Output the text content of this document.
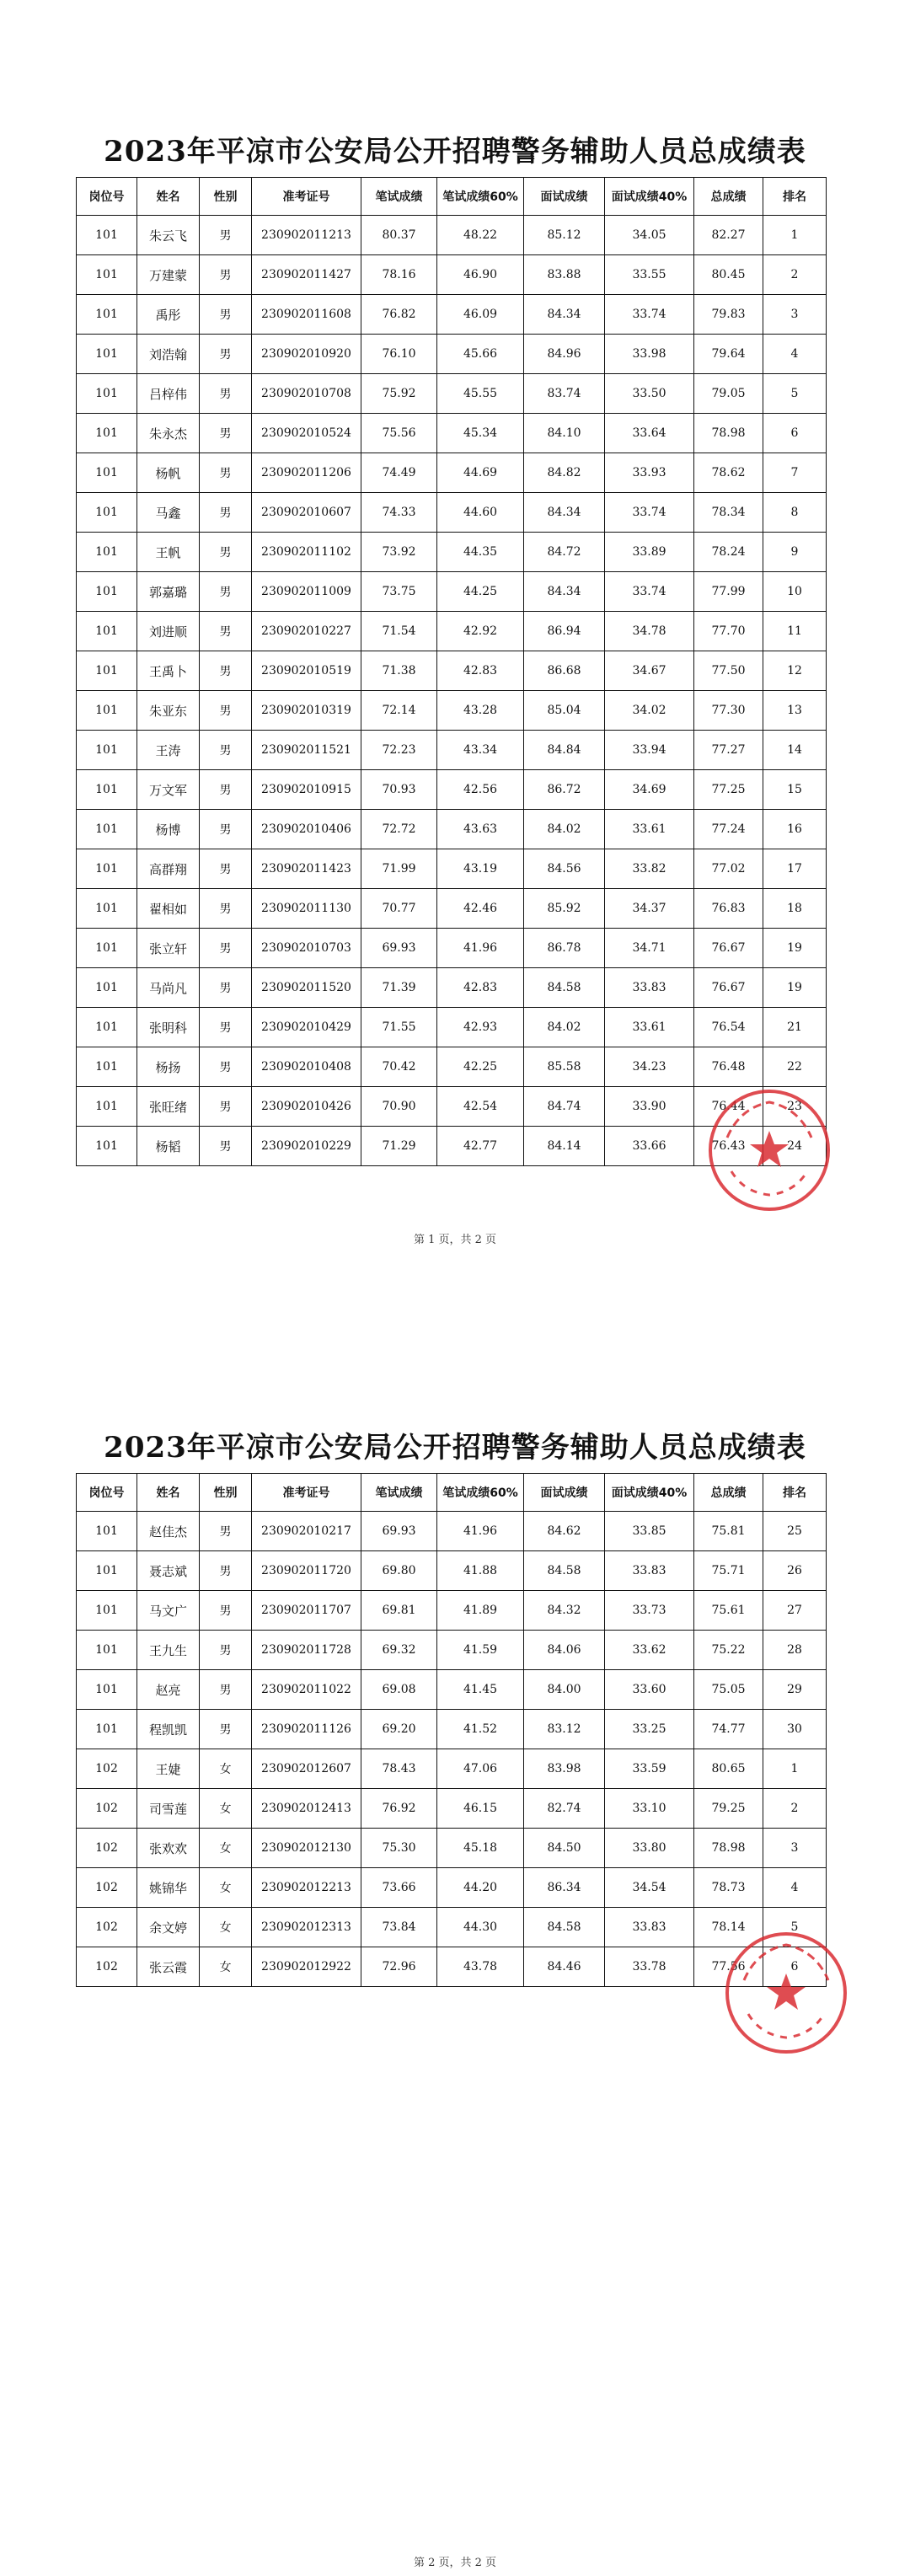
2023年平凉市公安局公开招聘警务辅助人员总成绩表
岗位号	姓名	性别	准考证号	笔试成绩	笔试成绩60%	面试成绩	面试成绩40%	总成绩	排名
101	朱云飞	男	230902011213	80.37	48.22	85.12	34.05	82.27	1
101	万建蒙	男	230902011427	78.16	46.90	83.88	33.55	80.45	2
101	禹彤	男	230902011608	76.82	46.09	84.34	33.74	79.83	3
101	刘浩翰	男	230902010920	76.10	45.66	84.96	33.98	79.64	4
101	吕梓伟	男	230902010708	75.92	45.55	83.74	33.50	79.05	5
101	朱永杰	男	230902010524	75.56	45.34	84.10	33.64	78.98	6
101	杨帆	男	230902011206	74.49	44.69	84.82	33.93	78.62	7
101	马鑫	男	230902010607	74.33	44.60	84.34	33.74	78.34	8
101	王帆	男	230902011102	73.92	44.35	84.72	33.89	78.24	9
101	郭嘉璐	男	230902011009	73.75	44.25	84.34	33.74	77.99	10
101	刘进顺	男	230902010227	71.54	42.92	86.94	34.78	77.70	11
101	王禹卜	男	230902010519	71.38	42.83	86.68	34.67	77.50	12
101	朱亚东	男	230902010319	72.14	43.28	85.04	34.02	77.30	13
101	王涛	男	230902011521	72.23	43.34	84.84	33.94	77.27	14
101	万文军	男	230902010915	70.93	42.56	86.72	34.69	77.25	15
101	杨博	男	230902010406	72.72	43.63	84.02	33.61	77.24	16
101	高群翔	男	230902011423	71.99	43.19	84.56	33.82	77.02	17
101	翟相如	男	230902011130	70.77	42.46	85.92	34.37	76.83	18
101	张立轩	男	230902010703	69.93	41.96	86.78	34.71	76.67	19
101	马尚凡	男	230902011520	71.39	42.83	84.58	33.83	76.67	19
101	张明科	男	230902010429	71.55	42.93	84.02	33.61	76.54	21
101	杨扬	男	230902010408	70.42	42.25	85.58	34.23	76.48	22
101	张旺绪	男	230902010426	70.90	42.54	84.74	33.90	76.44	23
101	杨韬	男	230902010229	71.29	42.77	84.14	33.66	76.43	24
第 1 页，共 2 页
2023年平凉市公安局公开招聘警务辅助人员总成绩表
岗位号	姓名	性别	准考证号	笔试成绩	笔试成绩60%	面试成绩	面试成绩40%	总成绩	排名
101	赵佳杰	男	230902010217	69.93	41.96	84.62	33.85	75.81	25
101	聂志斌	男	230902011720	69.80	41.88	84.58	33.83	75.71	26
101	马文广	男	230902011707	69.81	41.89	84.32	33.73	75.61	27
101	王九生	男	230902011728	69.32	41.59	84.06	33.62	75.22	28
101	赵亮	男	230902011022	69.08	41.45	84.00	33.60	75.05	29
101	程凯凯	男	230902011126	69.20	41.52	83.12	33.25	74.77	30
102	王婕	女	230902012607	78.43	47.06	83.98	33.59	80.65	1
102	司雪莲	女	230902012413	76.92	46.15	82.74	33.10	79.25	2
102	张欢欢	女	230902012130	75.30	45.18	84.50	33.80	78.98	3
102	姚锦华	女	230902012213	73.66	44.20	86.34	34.54	78.73	4
102	余文婷	女	230902012313	73.84	44.30	84.58	33.83	78.14	5
102	张云霞	女	230902012922	72.96	43.78	84.46	33.78	77.56	6
第 2 页，共 2 页
